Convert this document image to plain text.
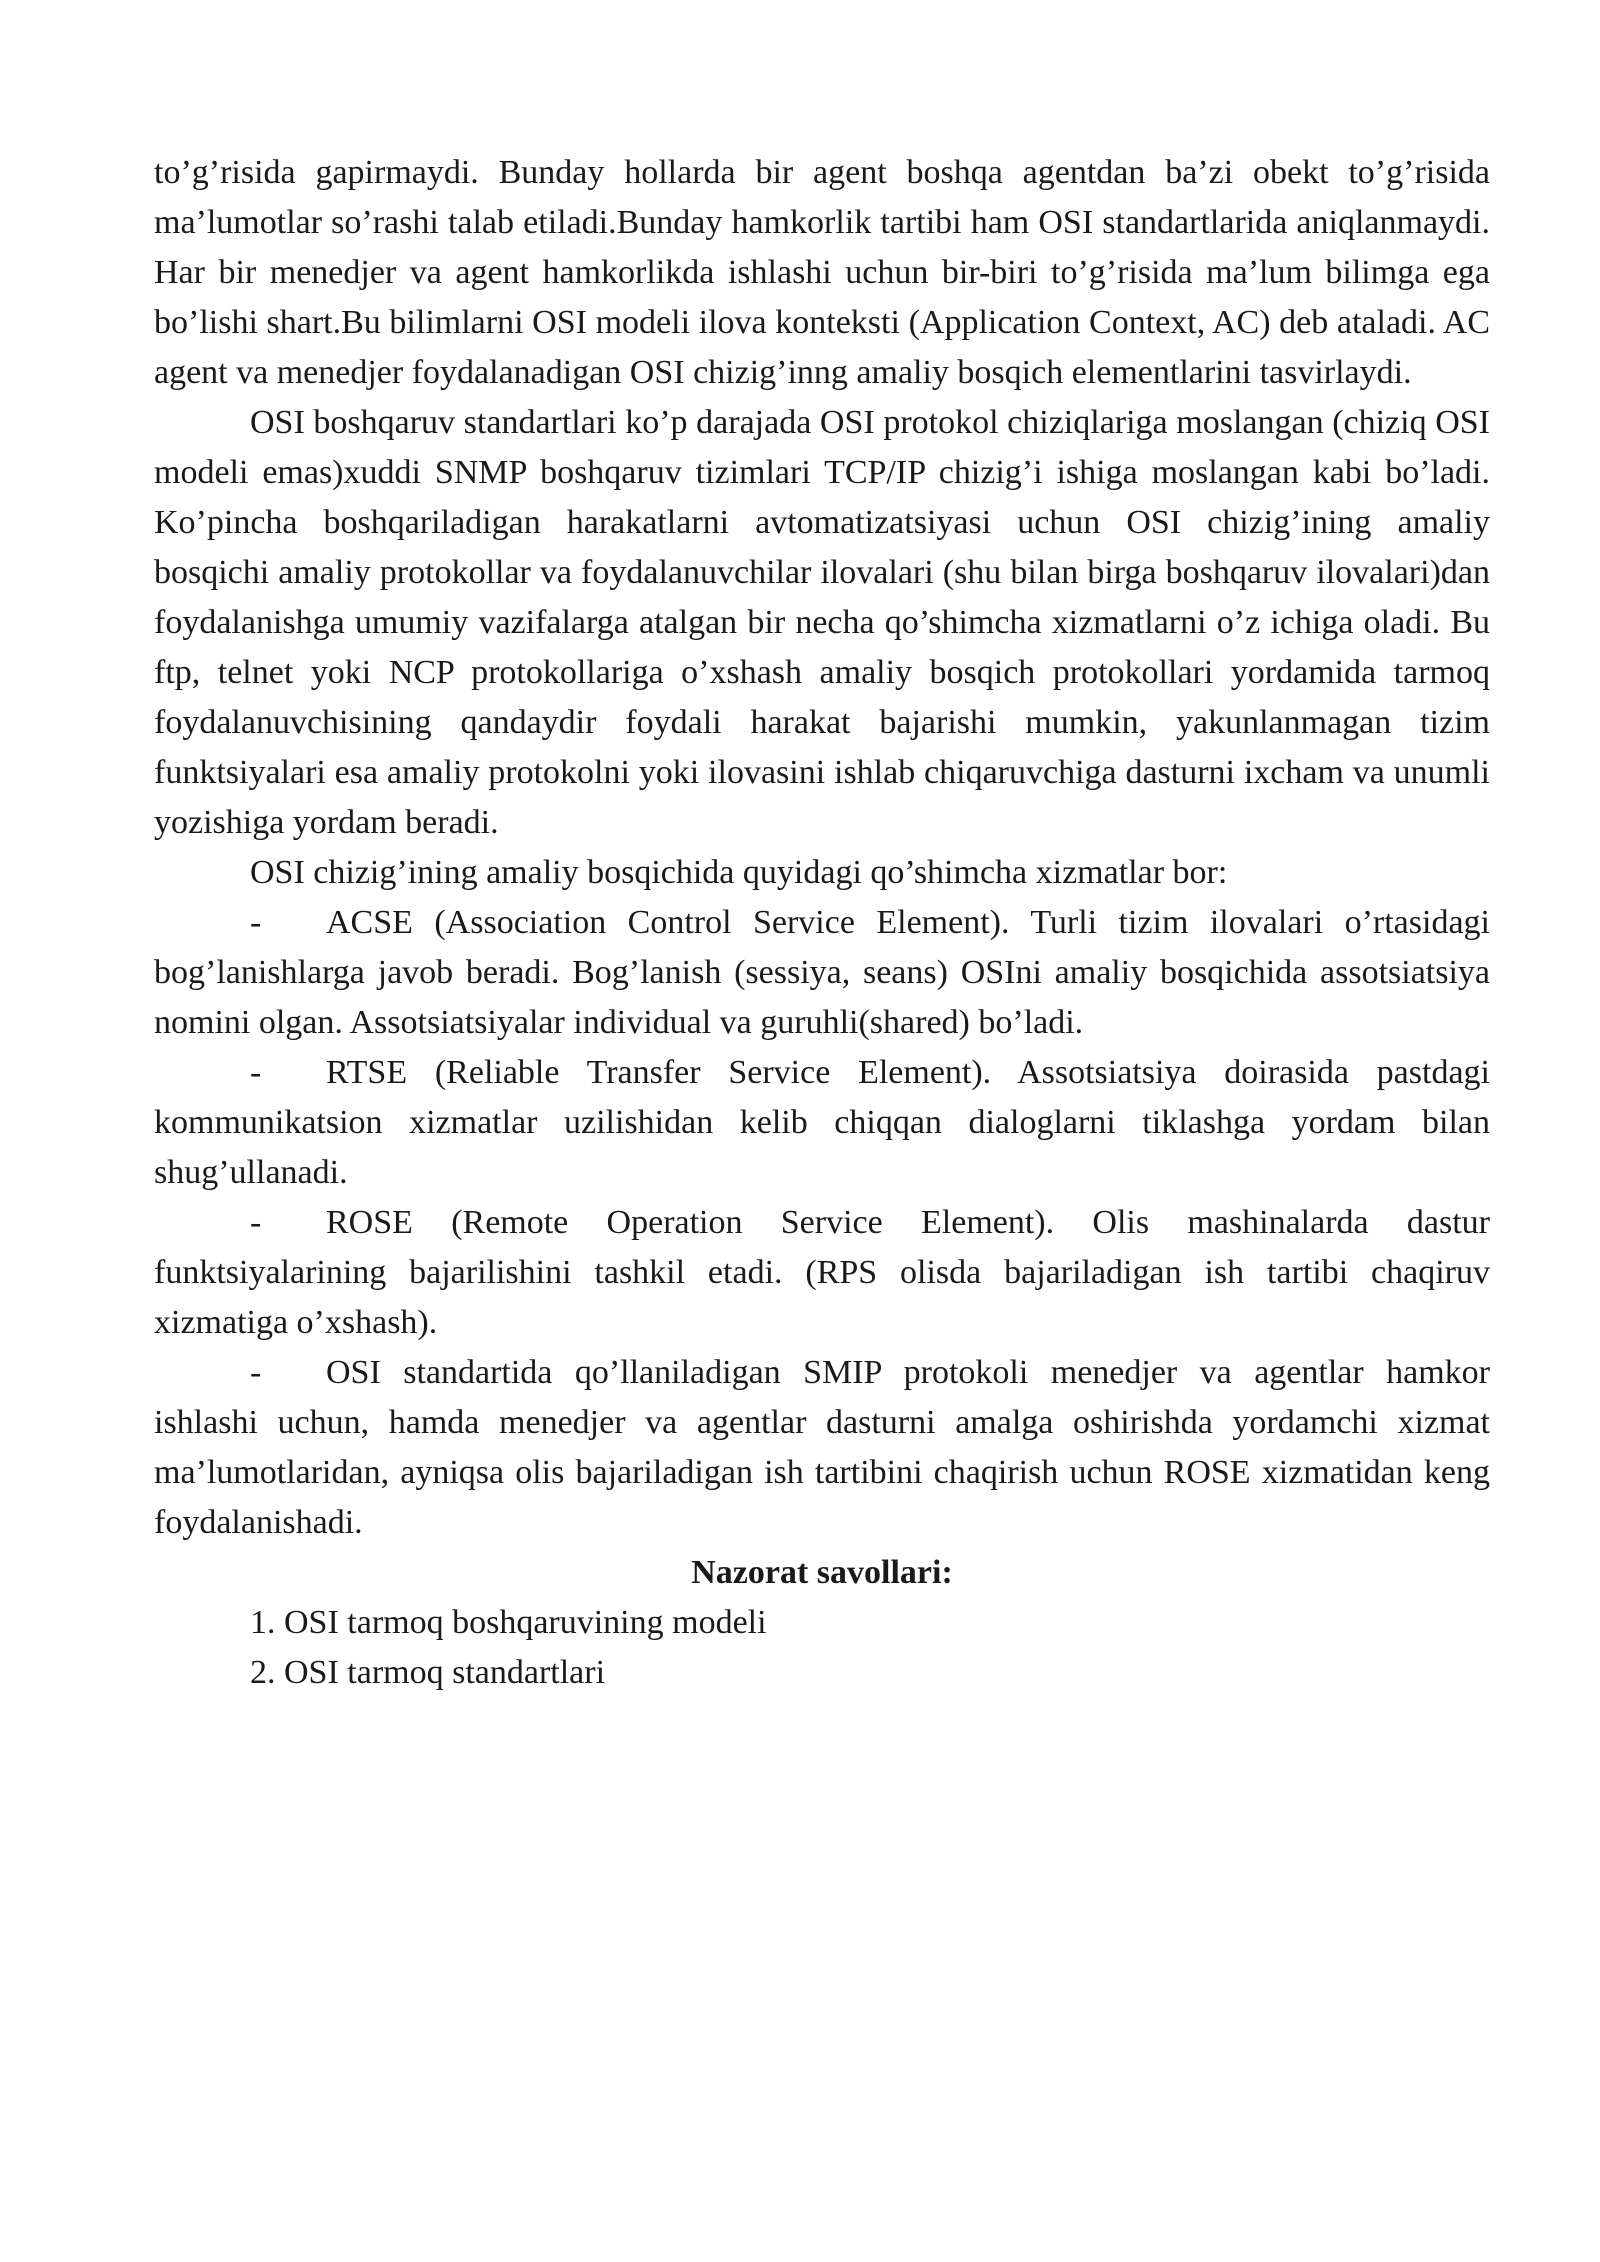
to’g’risida gapirmaydi. Bunday hollarda bir agent boshqa agentdan ba’zi obekt to’g’risida ma’lumotlar so’rashi talab etiladi.Bunday hamkorlik tartibi ham OSI standartlarida aniqlanmaydi. Har bir menedjer va agent hamkorlikda ishlashi uchun bir-biri to’g’risida ma’lum bilimga ega bo’lishi shart.Bu bilimlarni OSI modeli ilova konteksti (Application Context, AC) deb ataladi. AC agent va menedjer foydalanadigan OSI chizig’inng amaliy bosqich elementlarini tasvirlaydi.

OSI boshqaruv standartlari ko’p darajada OSI protokol chiziqlariga moslangan (chiziq OSI modeli emas)xuddi SNMP boshqaruv tizimlari TCP/IP chizig’i ishiga moslangan kabi bo’ladi. Ko’pincha boshqariladigan harakatlarni avtomatizatsiyasi uchun OSI chizig’ining amaliy bosqichi amaliy protokollar va foydalanuvchilar ilovalari (shu bilan birga boshqaruv ilovalari)dan foydalanishga umumiy vazifalarga atalgan bir necha qo’shimcha xizmatlarni o’z ichiga oladi. Bu ftp, telnet yoki NCP protokollariga o’xshash amaliy bosqich protokollari yordamida tarmoq foydalanuvchisining qandaydir foydali harakat bajarishi mumkin, yakunlanmagan tizim funktsiyalari esa amaliy protokolni yoki ilovasini ishlab chiqaruvchiga dasturni ixcham va unumli yozishiga yordam beradi.

OSI chizig’ining amaliy bosqichida quyidagi qo’shimcha xizmatlar bor:

- ACSE (Association Control Service Element). Turli tizim ilovalari o’rtasidagi bog’lanishlarga javob beradi. Bog’lanish (sessiya, seans) OSIni amaliy bosqichida assotsiatsiya nomini olgan. Assotsiatsiyalar individual va guruhli(shared) bo’ladi.

- RTSE (Reliable Transfer Service Element). Assotsiatsiya doirasida pastdagi kommunikatsion xizmatlar uzilishidan kelib chiqqan dialoglarni tiklashga yordam bilan shug’ullanadi.

- ROSE (Remote Operation Service Element). Olis mashinalarda dastur funktsiyalarining bajarilishini tashkil etadi. (RPS olisda bajariladigan ish tartibi chaqiruv xizmatiga o’xshash).

- OSI standartida qo’llaniladigan SMIP protokoli menedjer va agentlar hamkor ishlashi uchun, hamda menedjer va agentlar dasturni amalga oshirishda yordamchi xizmat ma’lumotlaridan, ayniqsa olis bajariladigan ish tartibini chaqirish uchun ROSE xizmatidan keng foydalanishadi.

Nazorat savollari:

1. OSI tarmoq boshqaruvining modeli

2. OSI tarmoq standartlari
